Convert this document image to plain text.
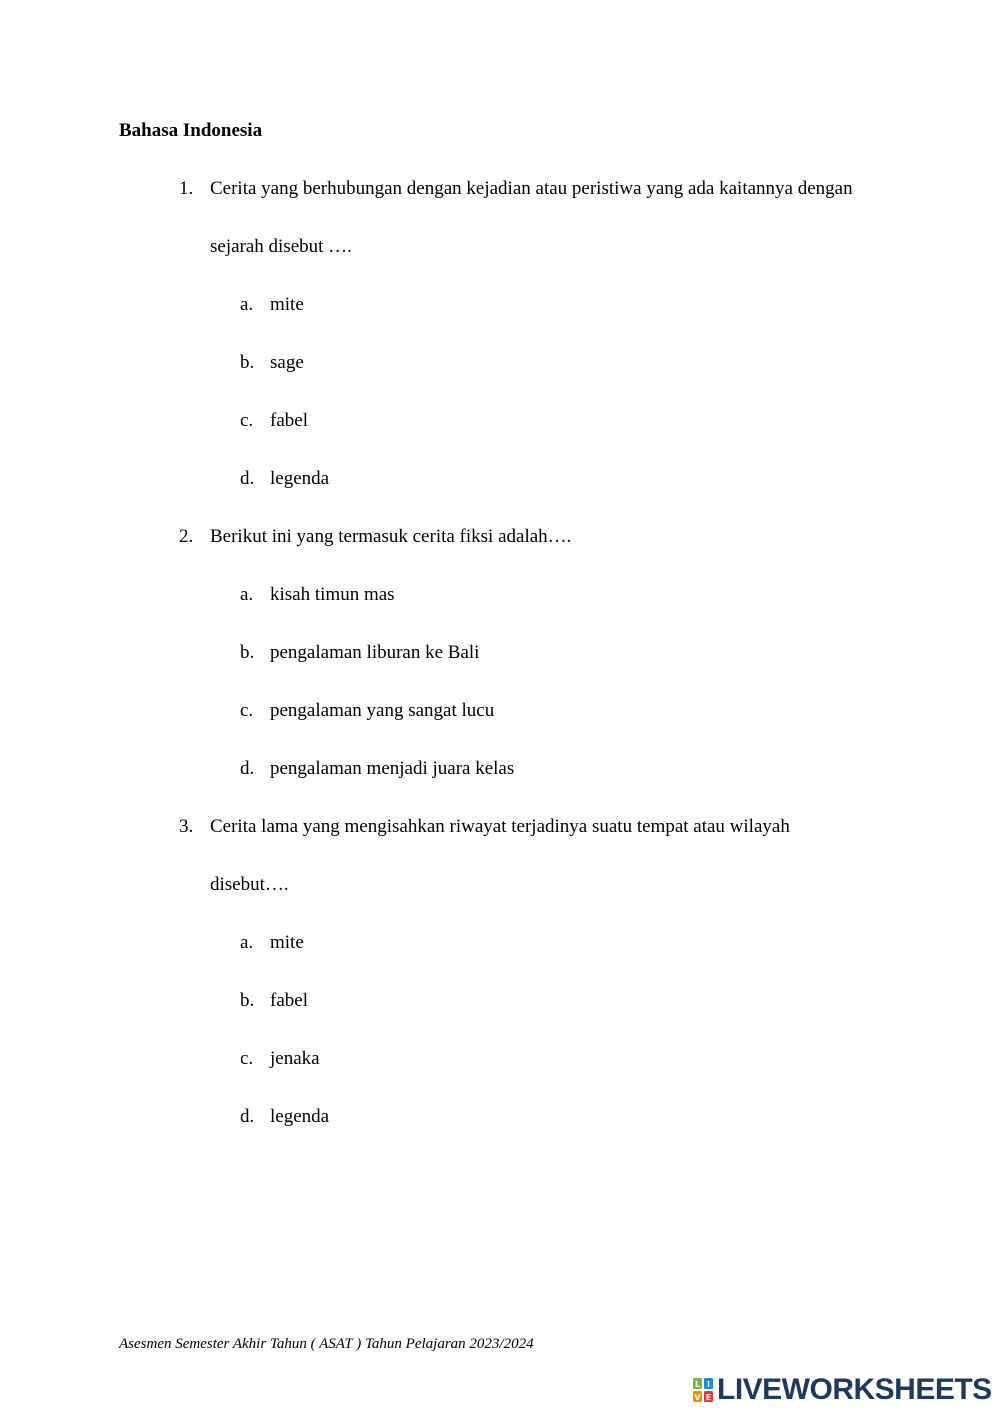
Bahasa Indonesia
1. Cerita yang berhubungan dengan kejadian atau peristiwa yang ada kaitannya dengan
sejarah disebut ….
a. mite
b. sage
c. fabel
d. legenda
2. Berikut ini yang termasuk cerita fiksi adalah….
a. kisah timun mas
b. pengalaman liburan ke Bali
c. pengalaman yang sangat lucu
d. pengalaman menjadi juara kelas
3. Cerita lama yang mengisahkan riwayat terjadinya suatu tempat atau wilayah
disebut….
a. mite
b. fabel
c. jenaka
d. legenda
Asesmen Semester Akhir Tahun ( ASAT ) Tahun Pelajaran 2023/2024
L I
V E LIVEWORKSHEETS
